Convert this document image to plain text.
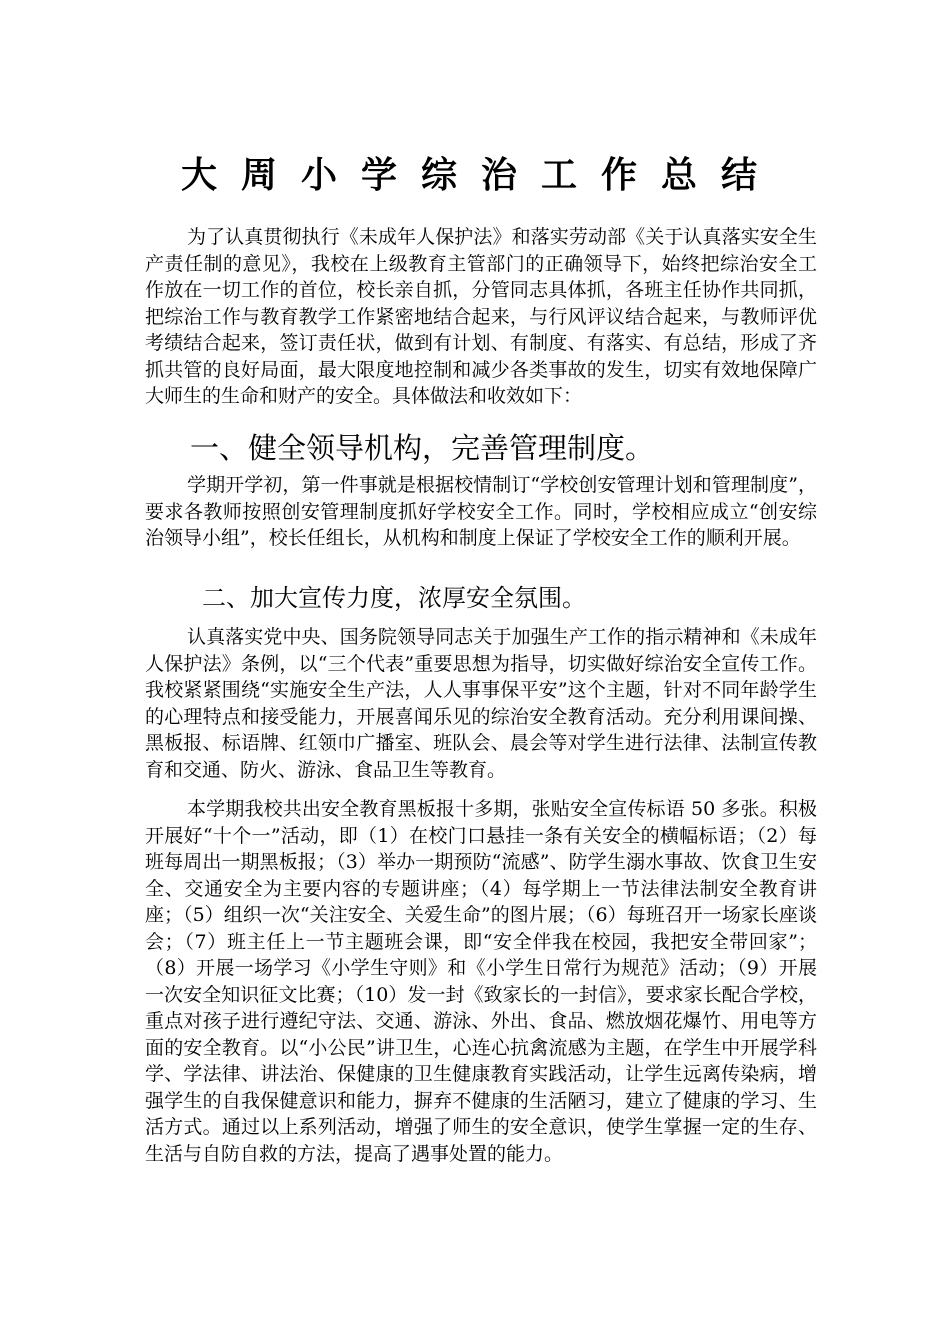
大周小学综治工作总结

为了认真贯彻执行《未成年人保护法》和落实劳动部《关于认真落实安全生产责任制的意见》，我校在上级教育主管部门的正确领导下，始终把综治安全工作放在一切工作的首位，校长亲自抓，分管同志具体抓，各班主任协作共同抓，把综治工作与教育教学工作紧密地结合起来，与行风评议结合起来，与教师评优考绩结合起来，签订责任状，做到有计划、有制度、有落实、有总结，形成了齐抓共管的良好局面，最大限度地控制和减少各类事故的发生，切实有效地保障广大师生的生命和财产的安全。具体做法和收效如下：

一、健全领导机构，完善管理制度。

学期开学初，第一件事就是根据校情制订“学校创安管理计划和管理制度”，要求各教师按照创安管理制度抓好学校安全工作。同时，学校相应成立“创安综治领导小组”，校长任组长，从机构和制度上保证了学校安全工作的顺利开展。

二、加大宣传力度，浓厚安全氛围。

认真落实党中央、国务院领导同志关于加强生产工作的指示精神和《未成年人保护法》条例，以“三个代表”重要思想为指导，切实做好综治安全宣传工作。我校紧紧围绕“实施安全生产法，人人事事保平安”这个主题，针对不同年龄学生的心理特点和接受能力，开展喜闻乐见的综治安全教育活动。充分利用课间操、黑板报、标语牌、红领巾广播室、班队会、晨会等对学生进行法律、法制宣传教育和交通、防火、游泳、食品卫生等教育。

本学期我校共出安全教育黑板报十多期，张贴安全宣传标语 50 多张。积极开展好“十个一”活动，即（1）在校门口悬挂一条有关安全的横幅标语；（2）每班每周出一期黑板报；（3）举办一期预防“流感”、防学生溺水事故、饮食卫生安全、交通安全为主要内容的专题讲座；（4）每学期上一节法律法制安全教育讲座；（5）组织一次“关注安全、关爱生命”的图片展；（6）每班召开一场家长座谈会；（7）班主任上一节主题班会课，即“安全伴我在校园，我把安全带回家”；（8）开展一场学习《小学生守则》和《小学生日常行为规范》活动；（9）开展一次安全知识征文比赛；（10）发一封《致家长的一封信》，要求家长配合学校，重点对孩子进行遵纪守法、交通、游泳、外出、食品、燃放烟花爆竹、用电等方面的安全教育。以“小公民”讲卫生，心连心抗禽流感为主题，在学生中开展学科学、学法律、讲法治、保健康的卫生健康教育实践活动，让学生远离传染病，增强学生的自我保健意识和能力，摒弃不健康的生活陋习，建立了健康的学习、生活方式。通过以上系列活动，增强了师生的安全意识，使学生掌握一定的生存、生活与自防自救的方法，提高了遇事处置的能力。
